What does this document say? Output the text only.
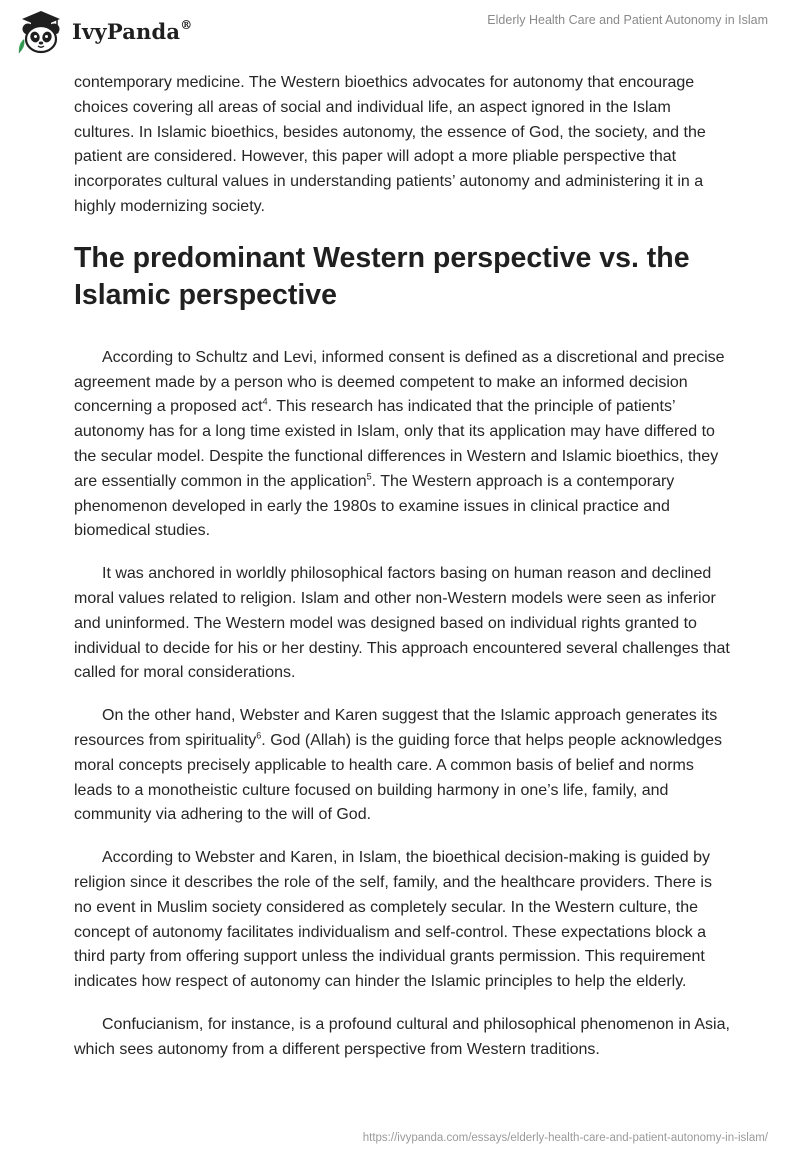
IvyPanda®	Elderly Health Care and Patient Autonomy in Islam

contemporary medicine. The Western bioethics advocates for autonomy that encourage choices covering all areas of social and individual life, an aspect ignored in the Islam cultures. In Islamic bioethics, besides autonomy, the essence of God, the society, and the patient are considered. However, this paper will adopt a more pliable perspective that incorporates cultural values in understanding patients’ autonomy and administering it in a highly modernizing society.

The predominant Western perspective vs. the Islamic perspective

According to Schultz and Levi, informed consent is defined as a discretional and precise agreement made by a person who is deemed competent to make an informed decision concerning a proposed act$^4$. This research has indicated that the principle of patients’ autonomy has for a long time existed in Islam, only that its application may have differed to the secular model. Despite the functional differences in Western and Islamic bioethics, they are essentially common in the application$^5$. The Western approach is a contemporary phenomenon developed in early the 1980s to examine issues in clinical practice and biomedical studies.

It was anchored in worldly philosophical factors basing on human reason and declined moral values related to religion. Islam and other non-Western models were seen as inferior and uninformed. The Western model was designed based on individual rights granted to individual to decide for his or her destiny. This approach encountered several challenges that called for moral considerations.

On the other hand, Webster and Karen suggest that the Islamic approach generates its resources from spirituality$^6$. God (Allah) is the guiding force that helps people acknowledges moral concepts precisely applicable to health care. A common basis of belief and norms leads to a monotheistic culture focused on building harmony in one’s life, family, and community via adhering to the will of God.

According to Webster and Karen, in Islam, the bioethical decision-making is guided by religion since it describes the role of the self, family, and the healthcare providers. There is no event in Muslim society considered as completely secular. In the Western culture, the concept of autonomy facilitates individualism and self-control. These expectations block a third party from offering support unless the individual grants permission. This requirement indicates how respect of autonomy can hinder the Islamic principles to help the elderly.

Confucianism, for instance, is a profound cultural and philosophical phenomenon in Asia, which sees autonomy from a different perspective from Western traditions.

https://ivypanda.com/essays/elderly-health-care-and-patient-autonomy-in-islam/
